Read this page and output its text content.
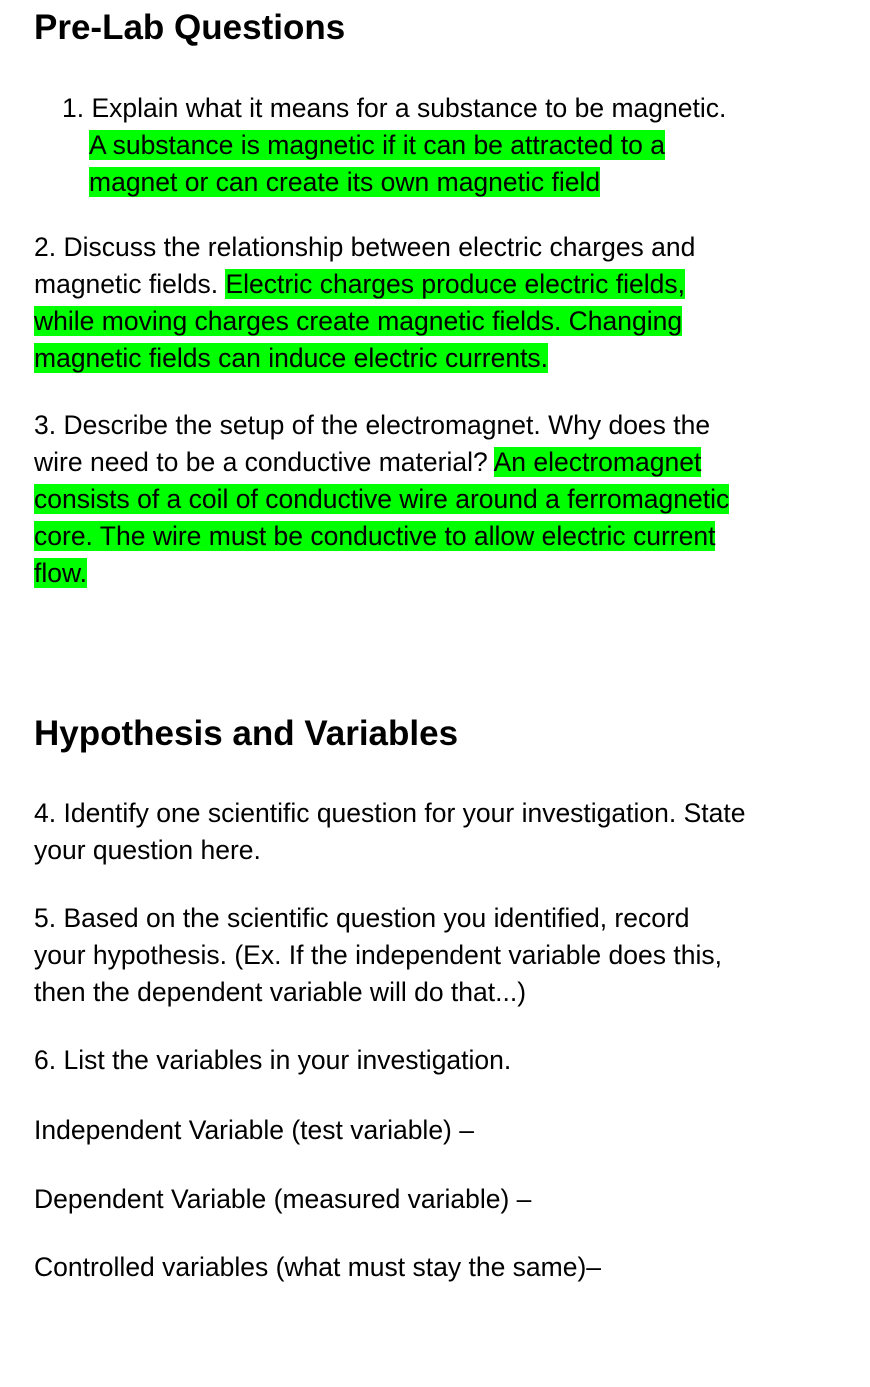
Pre-Lab Questions
1. Explain what it means for a substance to be magnetic.
A substance is magnetic if it can be attracted to a
magnet or can create its own magnetic field
2. Discuss the relationship between electric charges and
magnetic fields. Electric charges produce electric fields,
while moving charges create magnetic fields. Changing
magnetic fields can induce electric currents.
3. Describe the setup of the electromagnet. Why does the
wire need to be a conductive material? An electromagnet
consists of a coil of conductive wire around a ferromagnetic
core. The wire must be conductive to allow electric current
flow.
Hypothesis and Variables
4. Identify one scientific question for your investigation. State
your question here.
5. Based on the scientific question you identified, record
your hypothesis. (Ex. If the independent variable does this,
then the dependent variable will do that...)
6. List the variables in your investigation.
Independent Variable (test variable) –
Dependent Variable (measured variable) –
Controlled variables (what must stay the same)–
